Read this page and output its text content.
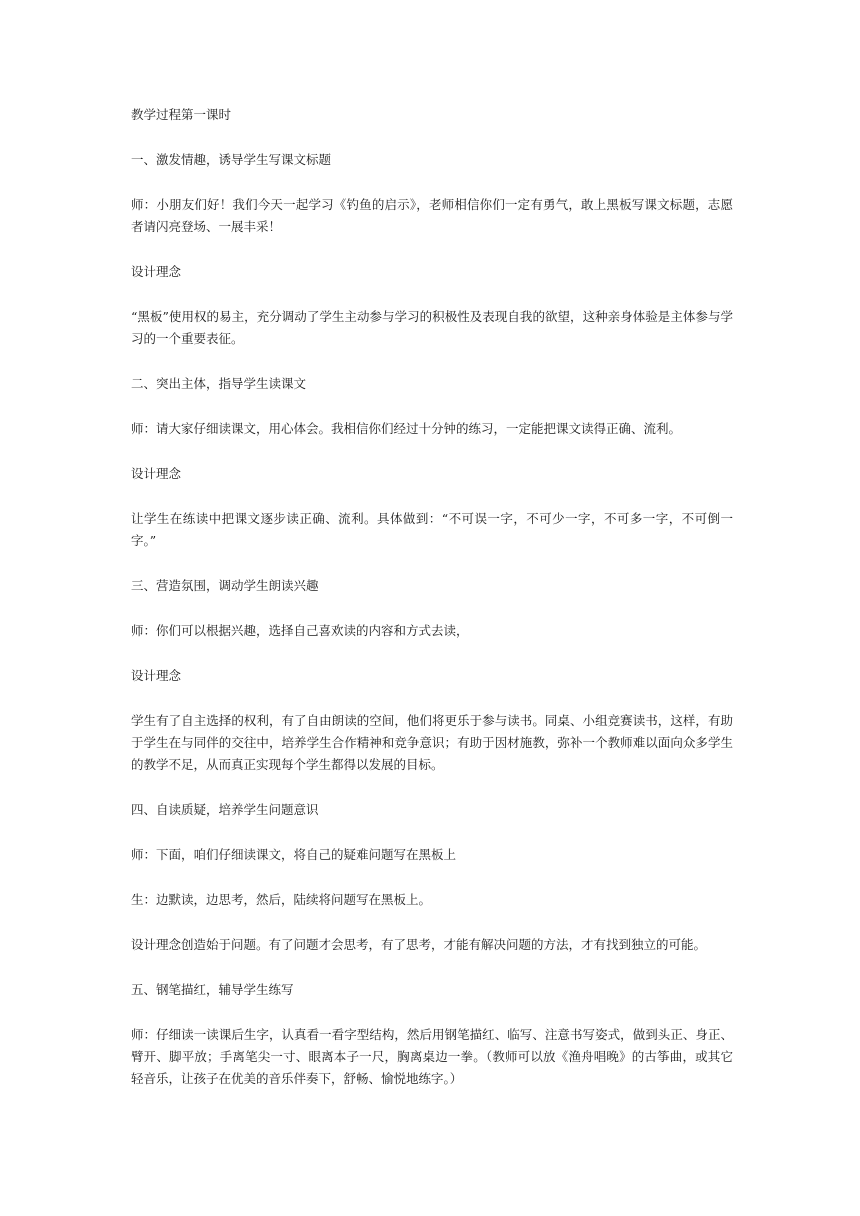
教学过程第一课时

一、激发情趣，诱导学生写课文标题

师：小朋友们好！我们今天一起学习《钓鱼的启示》，老师相信你们一定有勇气，敢上黑板写课文标题，志愿者请闪亮登场、一展丰采！

设计理念

“黑板”使用权的易主，充分调动了学生主动参与学习的积极性及表现自我的欲望，这种亲身体验是主体参与学习的一个重要表征。

二、突出主体，指导学生读课文

师：请大家仔细读课文，用心体会。我相信你们经过十分钟的练习，一定能把课文读得正确、流利。

设计理念

让学生在练读中把课文逐步读正确、流利。具体做到：“不可误一字，不可少一字，不可多一字，不可倒一字。”

三、营造氛围，调动学生朗读兴趣

师：你们可以根据兴趣，选择自己喜欢读的内容和方式去读，

设计理念

学生有了自主选择的权利，有了自由朗读的空间，他们将更乐于参与读书。同桌、小组竞赛读书，这样，有助于学生在与同伴的交往中，培养学生合作精神和竞争意识；有助于因材施教，弥补一个教师难以面向众多学生的教学不足，从而真正实现每个学生都得以发展的目标。

四、自读质疑，培养学生问题意识

师：下面，咱们仔细读课文，将自己的疑难问题写在黑板上

生：边默读，边思考，然后，陆续将问题写在黑板上。

设计理念创造始于问题。有了问题才会思考，有了思考，才能有解决问题的方法，才有找到独立的可能。

五、钢笔描红，辅导学生练写

师：仔细读一读课后生字，认真看一看字型结构，然后用钢笔描红、临写、注意书写姿式，做到头正、身正、臂开、脚平放；手离笔尖一寸、眼离本子一尺，胸离桌边一拳。（教师可以放《渔舟唱晚》的古筝曲，或其它轻音乐，让孩子在优美的音乐伴奏下，舒畅、愉悦地练字。）
